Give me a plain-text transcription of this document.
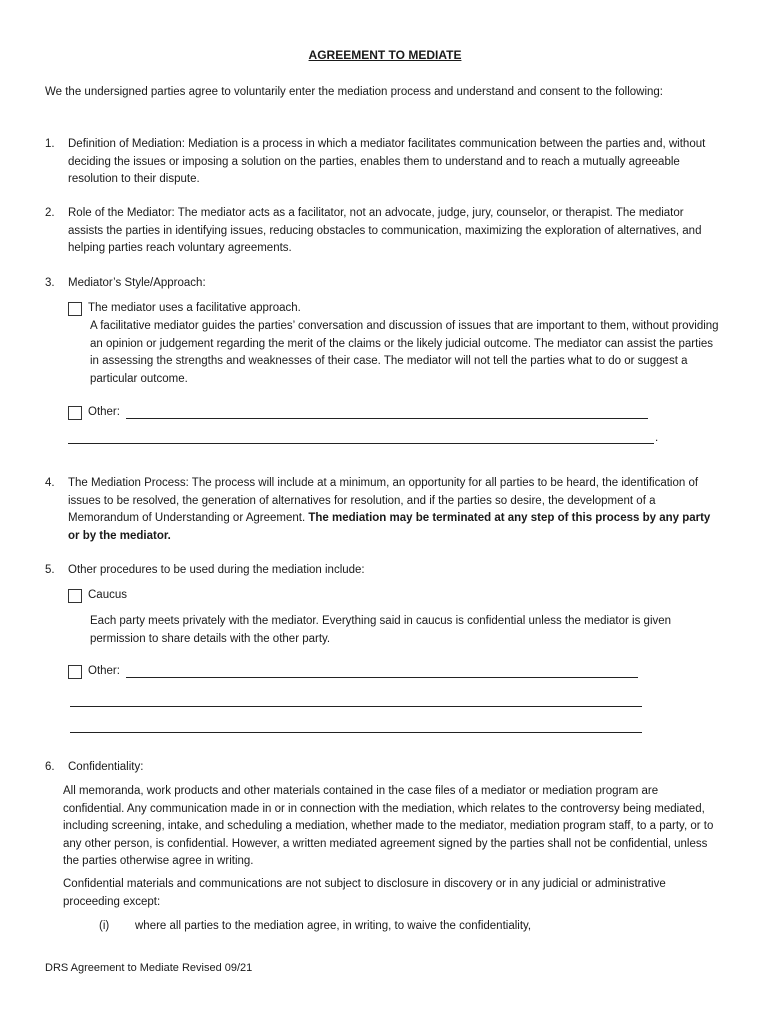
AGREEMENT TO MEDIATE

We the undersigned parties agree to voluntarily enter the mediation process and understand and consent to the following:

1. Definition of Mediation: Mediation is a process in which a mediator facilitates communication between the parties and, without deciding the issues or imposing a solution on the parties, enables them to understand and to reach a mutually agreeable resolution to their dispute.

2. Role of the Mediator: The mediator acts as a facilitator, not an advocate, judge, jury, counselor, or therapist. The mediator assists the parties in identifying issues, reducing obstacles to communication, maximizing the exploration of alternatives, and helping parties reach voluntary agreements.

3. Mediator’s Style/Approach:

The mediator uses a facilitative approach.

A facilitative mediator guides the parties’ conversation and discussion of issues that are important to them, without providing an opinion or judgement regarding the merit of the claims or the likely judicial outcome. The mediator can assist the parties in assessing the strengths and weaknesses of their case. The mediator will not tell the parties what to do or suggest a particular outcome.

Other:
.
4. The Mediation Process: The process will include at a minimum, an opportunity for all parties to be heard, the identification of issues to be resolved, the generation of alternatives for resolution, and if the parties so desire, the development of a Memorandum of Understanding or Agreement. The mediation may be terminated at any step of this process by any party or by the mediator.

5. Other procedures to be used during the mediation include:

Caucus

Each party meets privately with the mediator. Everything said in caucus is confidential unless the mediator is given permission to share details with the other party.

Other:
6. Confidentiality:

All memoranda, work products and other materials contained in the case files of a mediator or mediation program are confidential. Any communication made in or in connection with the mediation, which relates to the controversy being mediated, including screening, intake, and scheduling a mediation, whether made to the mediator, mediation program staff, to a party, or to any other person, is confidential. However, a written mediated agreement signed by the parties shall not be confidential, unless the parties otherwise agree in writing.

Confidential materials and communications are not subject to disclosure in discovery or in any judicial or administrative proceeding except:

(i) where all parties to the mediation agree, in writing, to waive the confidentiality,
DRS Agreement to Mediate Revised 09/21
